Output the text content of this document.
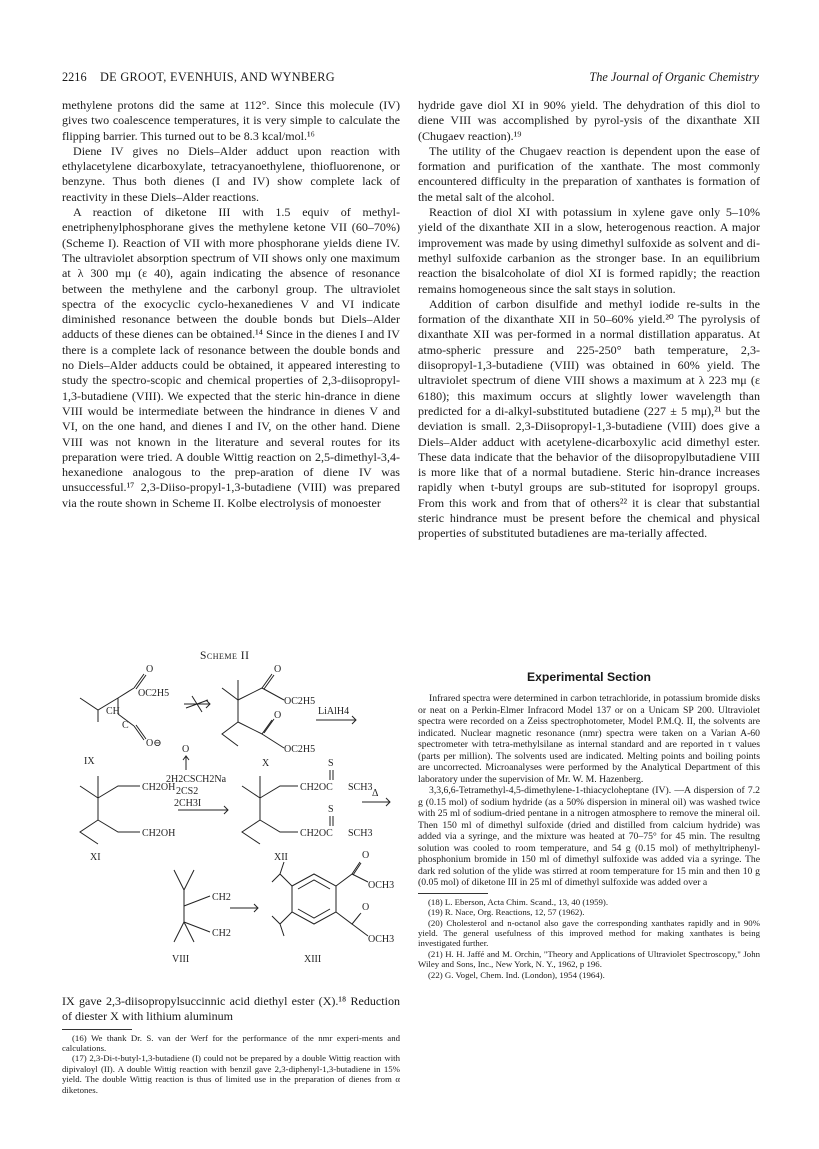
2216 DE GROOT, EVENHUIS, AND WYNBERG	The Journal of Organic Chemistry

methylene protons did the same at 112°. Since this molecule (IV) gives two coalescence temperatures, it is very simple to calculate the flipping barrier. This turned out to be 8.3 kcal/mol.¹⁶

Diene IV gives no Diels–Alder adduct upon reaction with ethylacetylene dicarboxylate, tetracyanoethylene, thiofluorenone, or benzyne. Thus both dienes (I and IV) show complete lack of reactivity in these Diels–Alder reactions.

A reaction of diketone III with 1.5 equiv of methyl-enetriphenylphosphorane gives the methylene ketone VII (60–70%) (Scheme I). Reaction of VII with more phosphorane yields diene IV. The ultraviolet absorption spectrum of VII shows only one maximum at λ 300 mμ (ε 40), again indicating the absence of resonance between the methylene and the carbonyl group. The ultraviolet spectra of the exocyclic cyclo-hexanedienes V and VI indicate diminished resonance between the double bonds but Diels–Alder adducts of these dienes can be obtained.¹⁴ Since in the dienes I and IV there is a complete lack of resonance between the double bonds and no Diels–Alder adducts could be obtained, it appeared interesting to study the spectro-scopic and chemical properties of 2,3-diisopropyl-1,3-butadiene (VIII). We expected that the steric hin-drance in diene VIII would be intermediate between the hindrance in dienes V and VI, on the one hand, and dienes I and IV, on the other hand. Diene VIII was not known in the literature and several routes for its preparation were tried. A double Wittig reaction on 2,5-dimethyl-3,4-hexanedione analogous to the prep-aration of diene IV was unsuccessful.¹⁷ 2,3-Diiso-propyl-1,3-butadiene (VIII) was prepared via the route shown in Scheme II. Kolbe electrolysis of monoester

Scheme II
O
OC2H5
CH
C
O⊖
IX
O
OC2H5
O
OC2H5
X
LiAlH4
CH2OH
CH2OH
XI
O
2H2CSCH2Na
2CS2
2CH3I
S
CH2OC SCH3
S
CH2OC SCH3
XII
Δ
CH2
CH2
VIII
O
OCH3
O
OCH3
XIII

IX gave 2,3-diisopropylsuccinnic acid diethyl ester (X).¹⁸ Reduction of diester X with lithium aluminum

(16) We thank Dr. S. van der Werf for the performance of the nmr experi-ments and calculations.

(17) 2,3-Di-t-butyl-1,3-butadiene (I) could not be prepared by a double Wittig reaction with dipivaloyl (II). A double Wittig reaction with benzil gave 2,3-diphenyl-1,3-butadiene in 15% yield. The double Wittig reaction is thus of limited use in the preparation of dienes from α diketones.

hydride gave diol XI in 90% yield. The dehydration of this diol to diene VIII was accomplished by pyrol-ysis of the dixanthate XII (Chugaev reaction).¹⁹

The utility of the Chugaev reaction is dependent upon the ease of formation and purification of the xanthate. The most commonly encountered difficulty in the preparation of xanthates is formation of the metal salt of the alcohol.

Reaction of diol XI with potassium in xylene gave only 5–10% yield of the dixanthate XII in a slow, heterogenous reaction. A major improvement was made by using dimethyl sulfoxide as solvent and di-methyl sulfoxide carbanion as the stronger base. In an equilibrium reaction the bisalcoholate of diol XI is formed rapidly; the reaction remains homogeneous since the salt stays in solution.

Addition of carbon disulfide and methyl iodide re-sults in the formation of the dixanthate XII in 50–60% yield.²⁰ The pyrolysis of dixanthate XII was per-formed in a normal distillation apparatus. At atmo-spheric pressure and 225-250° bath temperature, 2,3-diisopropyl-1,3-butadiene (VIII) was obtained in 60% yield. The ultraviolet spectrum of diene VIII shows a maximum at λ 223 mμ (ε 6180); this maximum occurs at slightly lower wavelength than predicted for a di-alkyl-substituted butadiene (227 ± 5 mμ),²¹ but the deviation is small. 2,3-Diisopropyl-1,3-butadiene (VIII) does give a Diels–Alder adduct with acetylene-dicarboxylic acid dimethyl ester. These data indicate that the behavior of the diisopropylbutadiene VIII is more like that of a normal butadiene. Steric hin-drance increases rapidly when t-butyl groups are sub-stituted for isopropyl groups. From this work and from that of others²² it is clear that substantial steric hindrance must be present before the chemical and physical properties of substituted butadienes are ma-terially affected.

Experimental Section

Infrared spectra were determined in carbon tetrachloride, in potassium bromide disks or neat on a Perkin-Elmer Infracord Model 137 or on a Unicam SP 200. Ultraviolet spectra were recorded on a Zeiss spectrophotometer, Model P.M.Q. II, the solvents are indicated. Nuclear magnetic resonance (nmr) spectra were taken on a Varian A-60 spectrometer with tetra-methylsilane as internal standard and are reported in τ values (parts per million). The solvents used are indicated. Melting points and boiling points are uncorrected. Microanalyses were performed by the Analytical Department of this laboratory under the supervision of Mr. W. M. Hazenberg.

3,3,6,6-Tetramethyl-4,5-dimethylene-1-thiacycloheptane (IV). —A dispersion of 7.2 g (0.15 mol) of sodium hydride (as a 50% dispersion in mineral oil) was washed twice with 25 ml of sodium-dried pentane in a nitrogen atmosphere to remove the mineral oil. Then 150 ml of dimethyl sulfoxide (dried and distilled from calcium hydride) was added via a syringe, and the mixture was heated at 70–75° for 45 min. The resultng solution was cooled to room temperature, and 54 g (0.15 mol) of methyltriphenyl-phosphonium bromide in 150 ml of dimethyl sulfoxide was added via a syringe. The dark red solution of the ylide was stirred at room temperature for 15 min and then 10 g (0.05 mol) of diketone III in 25 ml of dimethyl sulfoxide was added over a

(18) L. Eberson, Acta Chim. Scand., 13, 40 (1959).

(19) R. Nace, Org. Reactions, 12, 57 (1962).

(20) Cholesterol and n-octanol also gave the corresponding xanthates rapidly and in 90% yield. The general usefulness of this improved method for making xanthates is being investigated further.

(21) H. H. Jaffé and M. Orchin, "Theory and Applications of Ultraviolet Spectroscopy," John Wiley and Sons, Inc., New York, N. Y., 1962, p 196.

(22) G. Vogel, Chem. Ind. (London), 1954 (1964).
